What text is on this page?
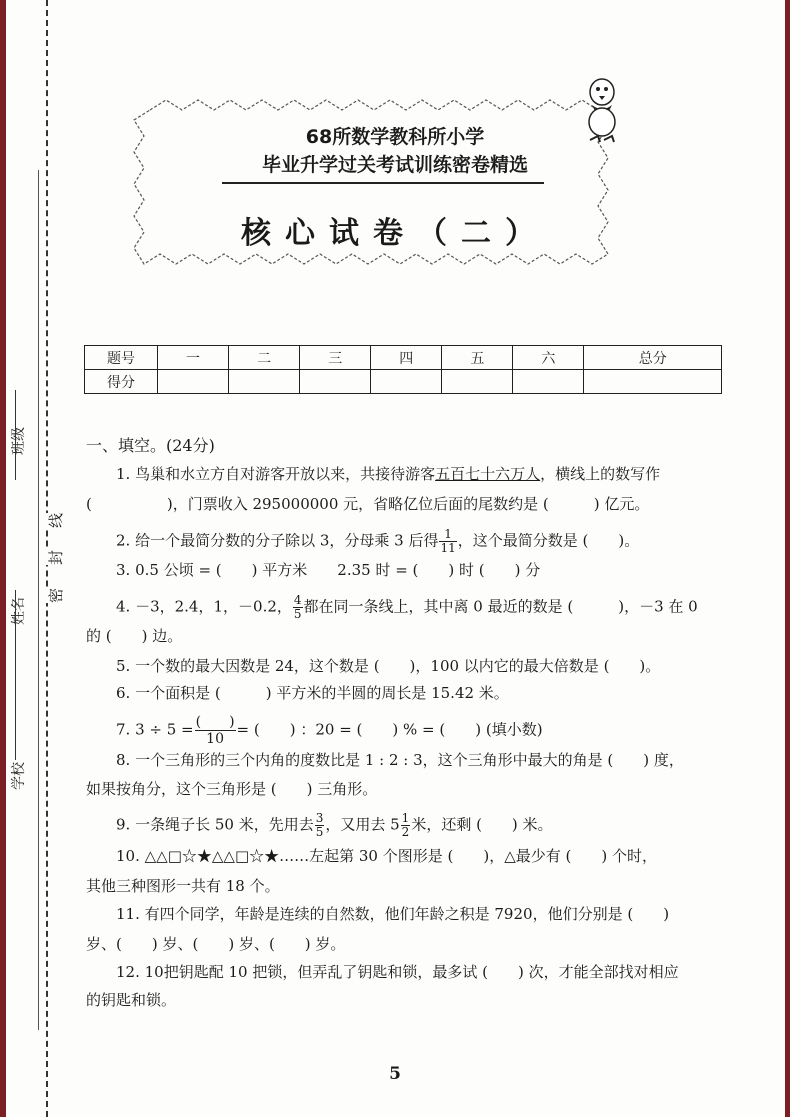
班级
姓名
学校
线
封
密
68所数学教科所小学
毕业升学过关考试训练密卷精选
核心试卷（二）
题号	一	二	三	四	五	六	总分
得分							
一、填空。(24分)
1. 鸟巢和水立方自对游客开放以来，共接待游客五百七十六万人，横线上的数写作
(　　　　　)，门票收入 295000000 元，省略亿位后面的尾数约是 (　　　) 亿元。
2. 给一个最简分数的分子除以 3，分母乘 3 后得 $\frac{1}{11}$ ，这个最简分数是 (　　)。
3. 0.5 公顷 = (　　) 平方米　　2.35 时 = (　　) 时 (　　) 分
4. －3，2.4，1，－0.2， $\frac{4}{5}$ 都在同一条线上，其中离 0 最近的数是 (　　　)，－3 在 0
的 (　　) 边。
5. 一个数的最大因数是 24，这个数是 (　　)，100 以内它的最大倍数是 (　　)。
6. 一个面积是 (　　　) 平方米的半圆的周长是 15.42 米。
7. $3 \div 5 = \frac{( )}{10}$ = (　　) ：20 = (　　) % = (　　) (填小数)
8. 一个三角形的三个内角的度数比是 1 : 2 : 3，这个三角形中最大的角是 (　　) 度，
如果按角分，这个三角形是 (　　) 三角形。
9. 一条绳子长 50 米，先用去 $\frac{3}{5}$ ，又用去 $5 \frac{1}{2}$ 米，还剩 (　　) 米。
10. △△□☆★△△□☆★……左起第 30 个图形是 (　　)，△最少有 (　　) 个时，
其他三种图形一共有 18 个。
11. 有四个同学，年龄是连续的自然数，他们年龄之积是 7920，他们分别是 (　　)
岁、(　　) 岁、(　　) 岁、(　　) 岁。
12. 10把钥匙配 10 把锁，但弄乱了钥匙和锁，最多试 (　　) 次，才能全部找对相应
的钥匙和锁。
5
